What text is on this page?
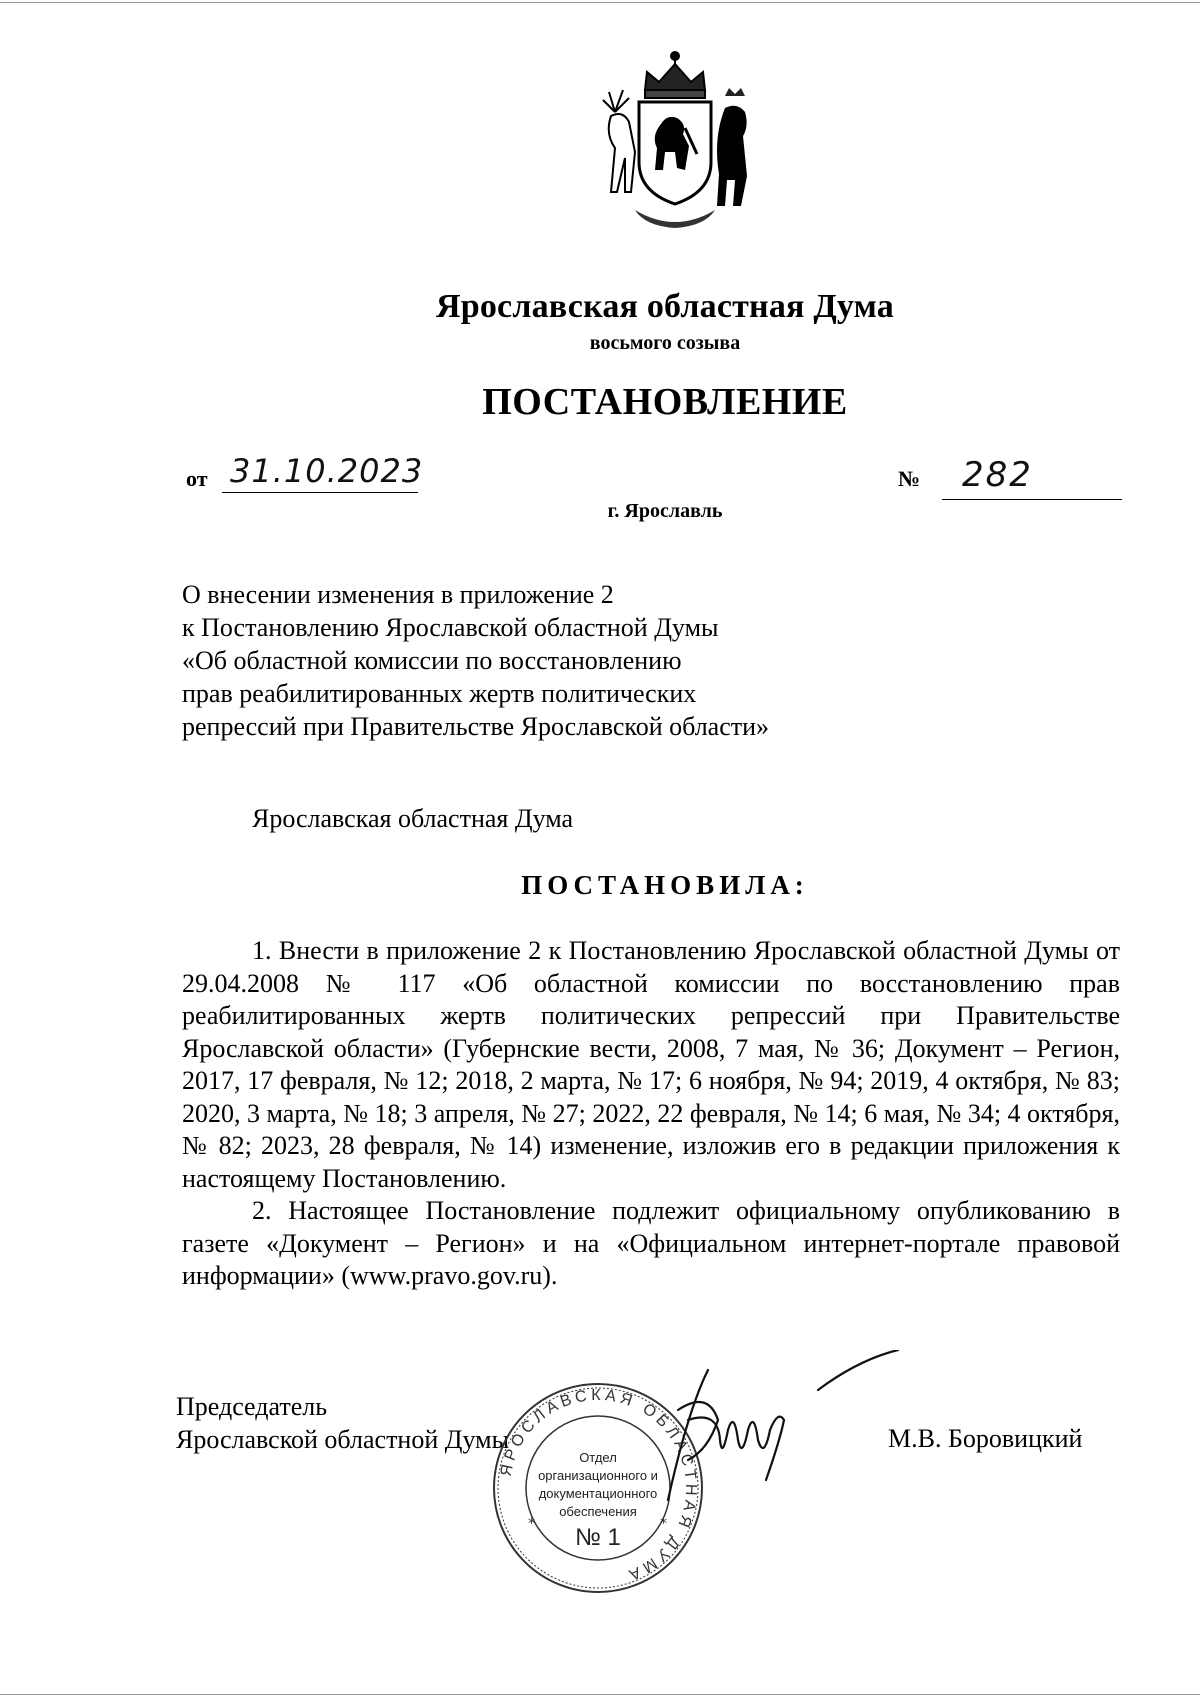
Ярославская областная Дума
восьмого созыва
ПОСТАНОВЛЕНИЕ
от 31.10.2023	№ 282
г. Ярославль
О внесении изменения в приложение 2
к Постановлению Ярославской областной Думы
«Об областной комиссии по восстановлению
прав реабилитированных жертв политических
репрессий при Правительстве Ярославской области»
Ярославская областная Дума
ПОСТАНОВИЛА:
1. Внести в приложение 2 к Постановлению Ярославской областной Думы от 29.04.2008 № 117 «Об областной комиссии по восстановлению прав реабилитированных жертв политических репрессий при Правительстве Ярославской области» (Губернские вести, 2008, 7 мая, № 36; Документ – Регион, 2017, 17 февраля, № 12; 2018, 2 марта, № 17; 6 ноября, № 94; 2019, 4 октября, № 83; 2020, 3 марта, № 18; 3 апреля, № 27; 2022, 22 февраля, № 14; 6 мая, № 34; 4 октября, № 82; 2023, 28 февраля, № 14) изменение, изложив его в редакции приложения к настоящему Постановлению.
2. Настоящее Постановление подлежит официальному опубликованию в газете «Документ – Регион» и на «Официальном интернет-портале правовой информации» (www.pravo.gov.ru).
Председатель
Ярославской областной Думы	М.В. Боровицкий
ЯРОСЛАВСКАЯ ОБЛАСТНАЯ ДУМА
*	*
Отдел
организационного и
документационного
обеспечения
№ 1
